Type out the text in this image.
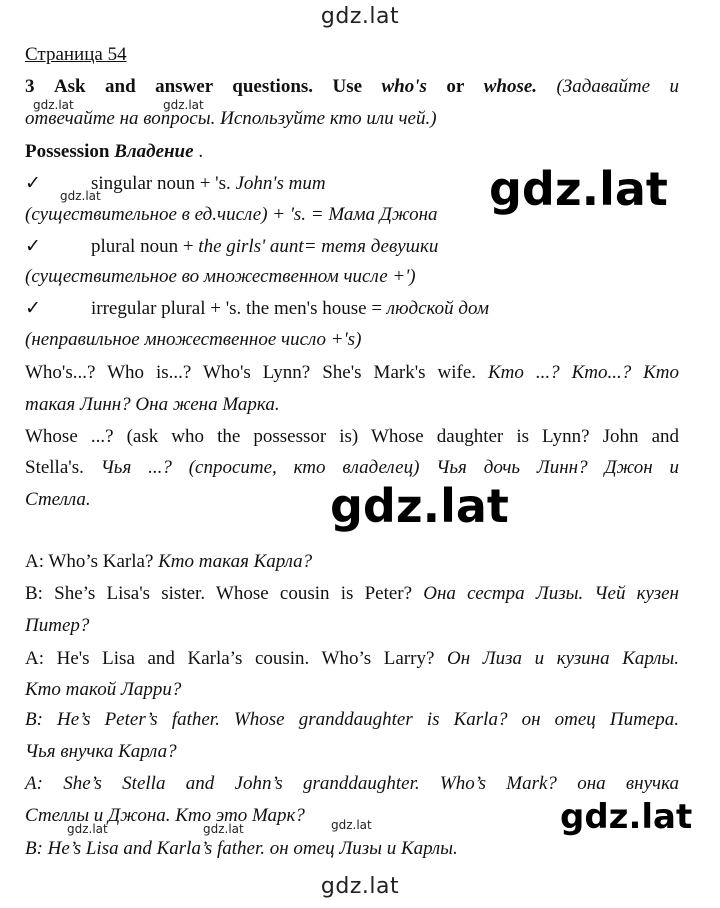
gdz.lat
gdz.lat	gdz.lat
gdz.lat	gdz.lat
gdz.lat
gdz.lat
gdz.lat	gdz.lat	gdz.lat
gdz.lat
Страница 54
3 Ask and answer questions. Use who's or whose. (Задавайте и
отвечайте на вопросы. Используйте кто или чей.)
Possession Владение .
✓	singular noun + 's. John's mum
(существительное в ед.числе) + 's. = Мама Джона
✓	plural noun + the girls' aunt= тетя девушки
(существительное во множественном числе +')
✓	irregular plural + 's. the men's house = людской дом
(неправильное множественное число +'s)
Who's...? Who is...? Who's Lynn? She's Mark's wife. Кто ...? Кто...? Кто
такая Линн? Она жена Марка.
Whose ...? (ask who the possessor is) Whose daughter is Lynn? John and
Stella's. Чья ...? (спросите, кто владелец) Чья дочь Линн? Джон и
Стелла.
A: Who’s Karla? Кто такая Карла?
B: She’s Lisa's sister. Whose cousin is Peter? Она сестра Лизы. Чей кузен
Питер?
A: He's Lisa and Karla’s cousin. Who’s Larry? Он Лиза и кузина Карлы.
Кто такой Ларри?
B: He’s Peter’s father. Whose granddaughter is Karla? он отец Питера.
Чья внучка Карла?
A: She’s Stella and John’s granddaughter. Who’s Mark? она внучка
Стеллы и Джона. Кто это Марк?
B: He’s Lisa and Karla’s father. он отец Лизы и Карлы.
